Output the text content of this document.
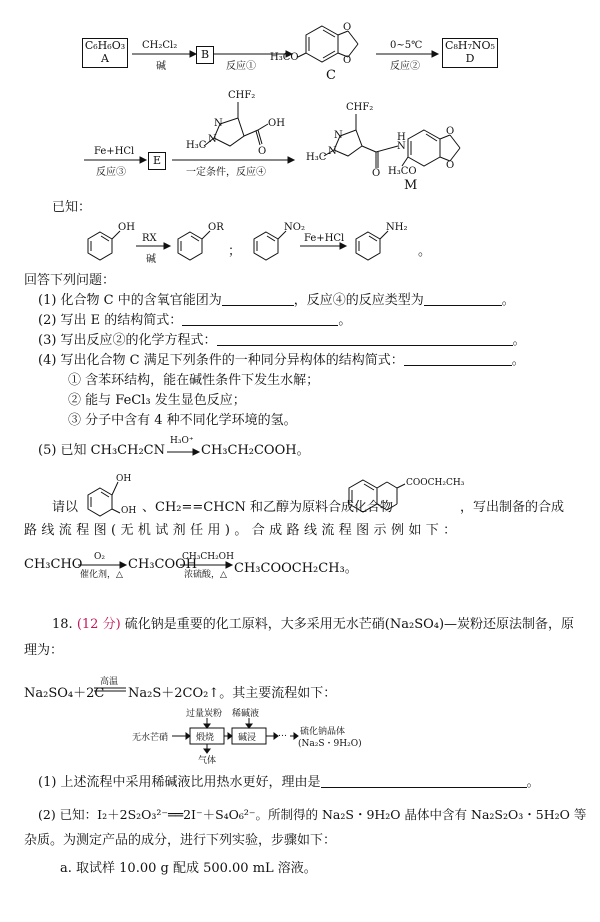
C₆H₆O₃
A
CH₂Cl₂
碱
B
反应①
H₃CO
O
O
C
0~5℃
反应②
C₈H₇NO₅
D
Fe+HCl
反应③
E
CHF₂
N
N
H₃C
OH
O
一定条件，反应④
CHF₂
N
N
H₃C
O
H
N
O
O
H₃CO
M
已知：
OH
RX
碱
OR
；
NO₂
Fe+HCl
NH₂
。
回答下列问题：
(1) 化合物 C 中的含氧官能团为	，反应④的反应类型为	。
(2) 写出 E 的结构简式：	。
(3) 写出反应②的化学方程式：	。
(4) 写出化合物 C 满足下列条件的一种同分异构体的结构简式：	。
① 含苯环结构，能在碱性条件下发生水解；
② 能与 FeCl₃ 发生显色反应；
③ 分子中含有 4 种不同化学环境的氢。
(5) 已知 CH₃CH₂CN	CH₃CH₂COOH。
H₃O⁺
请以
OH
OH 、CH₂==CHCN 和乙醇为原料合成化合物
COOCH₂CH₃
，写出制备的合成
路线流程图(无机试剂任用)。合成路线流程图示例如下：
CH₃CHO O₂
催化剂，△
CH₃COOH
CH₃CH₂OH
浓硫酸，△ CH₃COOCH₂CH₃。
18. (12 分) 硫化钠是重要的化工原料，大多采用无水芒硝(Na₂SO₄)—炭粉还原法制备，原
理为：
Na₂SO₄＋2C
高温
Na₂S＋2CO₂↑。其主要流程如下：
过量炭粉 稀碱液
无水芒硝	煅烧	碱浸 … 硫化钠晶体
(Na₂S・9H₂O)
气体
(1) 上述流程中采用稀碱液比用热水更好，理由是	。
(2) 已知：I₂＋2S₂O₃²⁻══2I⁻＋S₄O₆²⁻。所制得的 Na₂S・9H₂O 晶体中含有 Na₂S₂O₃・5H₂O 等
杂质。为测定产品的成分，进行下列实验，步骤如下：
a. 取试样 10.00 g 配成 500.00 mL 溶液。
